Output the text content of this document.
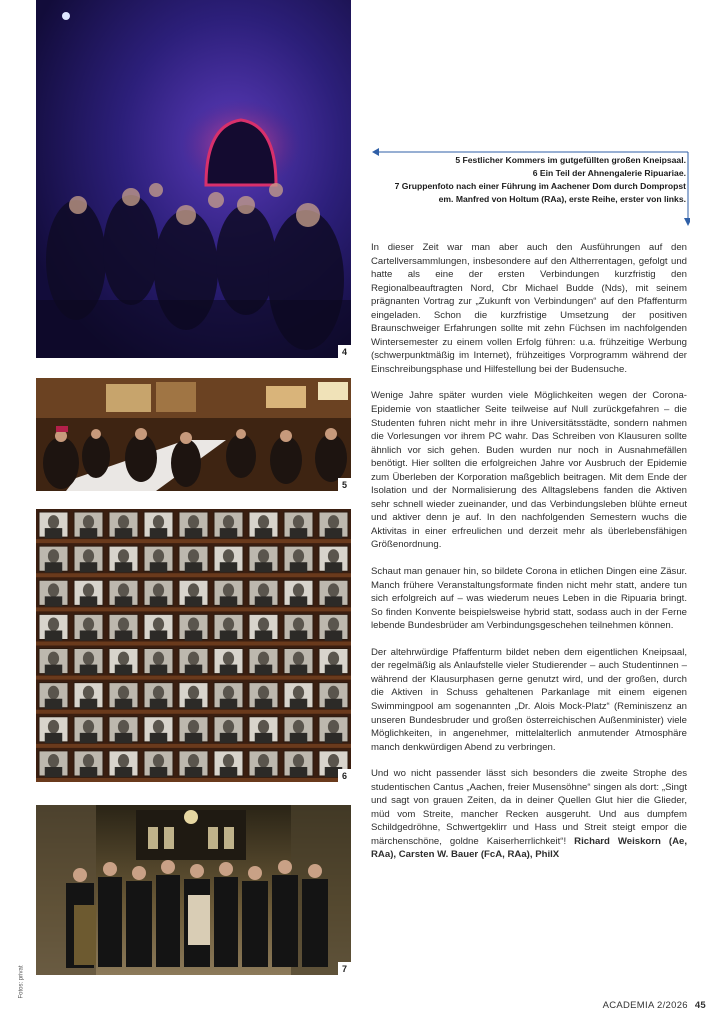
4
5
6
7
Fotos: privat
5 Festlicher Kommers im gutgefüllten großen Kneipsaal.
6 Ein Teil der Ahnengalerie Ripuariae.
7 Gruppenfoto nach einer Führung im Aachener Dom durch Dompropst
em. Manfred von Holtum (RAa), erste Reihe, erster von links.

In dieser Zeit war man aber auch den Ausführungen auf den Cartellversammlungen, insbesondere auf den Altherrentagen, gefolgt und hatte als eine der ersten Verbindungen kurzfristig den Regionalbeauftragten Nord, Cbr Michael Budde (Nds), mit seinem prägnanten Vortrag zur „Zukunft von Verbindungen“ auf den Pfaffenturm eingeladen. Schon die kurzfristige Umsetzung der positiven Braunschweiger Erfahrungen sollte mit zehn Füchsen im nachfolgenden Wintersemester zu einem vollen Erfolg führen: u.a. frühzeitige Werbung (schwerpunktmäßig im Internet), frühzeitiges Vorprogramm während der Einschreibungsphase und Hilfestellung bei der Budensuche.

Wenige Jahre später wurden viele Möglichkeiten wegen der Corona-Epidemie von staatlicher Seite teilweise auf Null zurückgefahren – die Studenten fuhren nicht mehr in ihre Universitätsstädte, sondern nahmen die Vorlesungen vor ihrem PC wahr. Das Schreiben von Klausuren sollte ähnlich vor sich gehen. Buden wurden nur noch in Ausnahmefällen benötigt. Hier sollten die erfolgreichen Jahre vor Ausbruch der Epidemie zum Überleben der Korporation maßgeblich beitragen. Mit dem Ende der Isolation und der Normalisierung des Alltagslebens fanden die Aktiven sehr schnell wieder zueinander, und das Verbindungsleben blühte erneut und aktiver denn je auf. In den nachfolgenden Semestern wuchs die Aktivitas in einer erfreulichen und derzeit mehr als überlebensfähigen Größenordnung.

Schaut man genauer hin, so bildete Corona in etlichen Dingen eine Zäsur. Manch frühere Veranstaltungsformate finden nicht mehr statt, andere tun sich erfolgreich auf – was wiederum neues Leben in die Ripuaria bringt. So finden Konvente beispielsweise hybrid statt, sodass auch in der Ferne lebende Bundesbrüder am Verbindungsgeschehen teilnehmen können.

Der altehrwürdige Pfaffenturm bildet neben dem eigentlichen Kneipsaal, der regelmäßig als Anlaufstelle vieler Studierender – auch Studentinnen – während der Klausurphasen gerne genutzt wird, und der großen, durch die Aktiven in Schuss gehaltenen Parkanlage mit einem eigenen Swimmingpool am sogenannten „Dr. Alois Mock-Platz“ (Reminiszenz an unseren Bundesbruder und großen österreichischen Außenminister) viele Möglichkeiten, in angenehmer, mittelalterlich anmutender Atmosphäre manch denkwürdigen Abend zu verbringen.

Und wo nicht passender lässt sich besonders die zweite Strophe des studentischen Cantus „Aachen, freier Musensöhne“ singen als dort: „Singt und sagt von grauen Zeiten, da in deiner Quellen Glut hier die Glieder, müd vom Streite, mancher Recken ausgeruht. Und aus dumpfem Schildgedröhne, Schwertgeklirr und Hass und Streit steigt empor die märchenschöne, goldne Kaiserherrlichkeit“! Richard Weiskorn (Ae, RAa), Carsten W. Bauer (FcA, RAa), PhilX

ACADEMIA 2/2026 45
